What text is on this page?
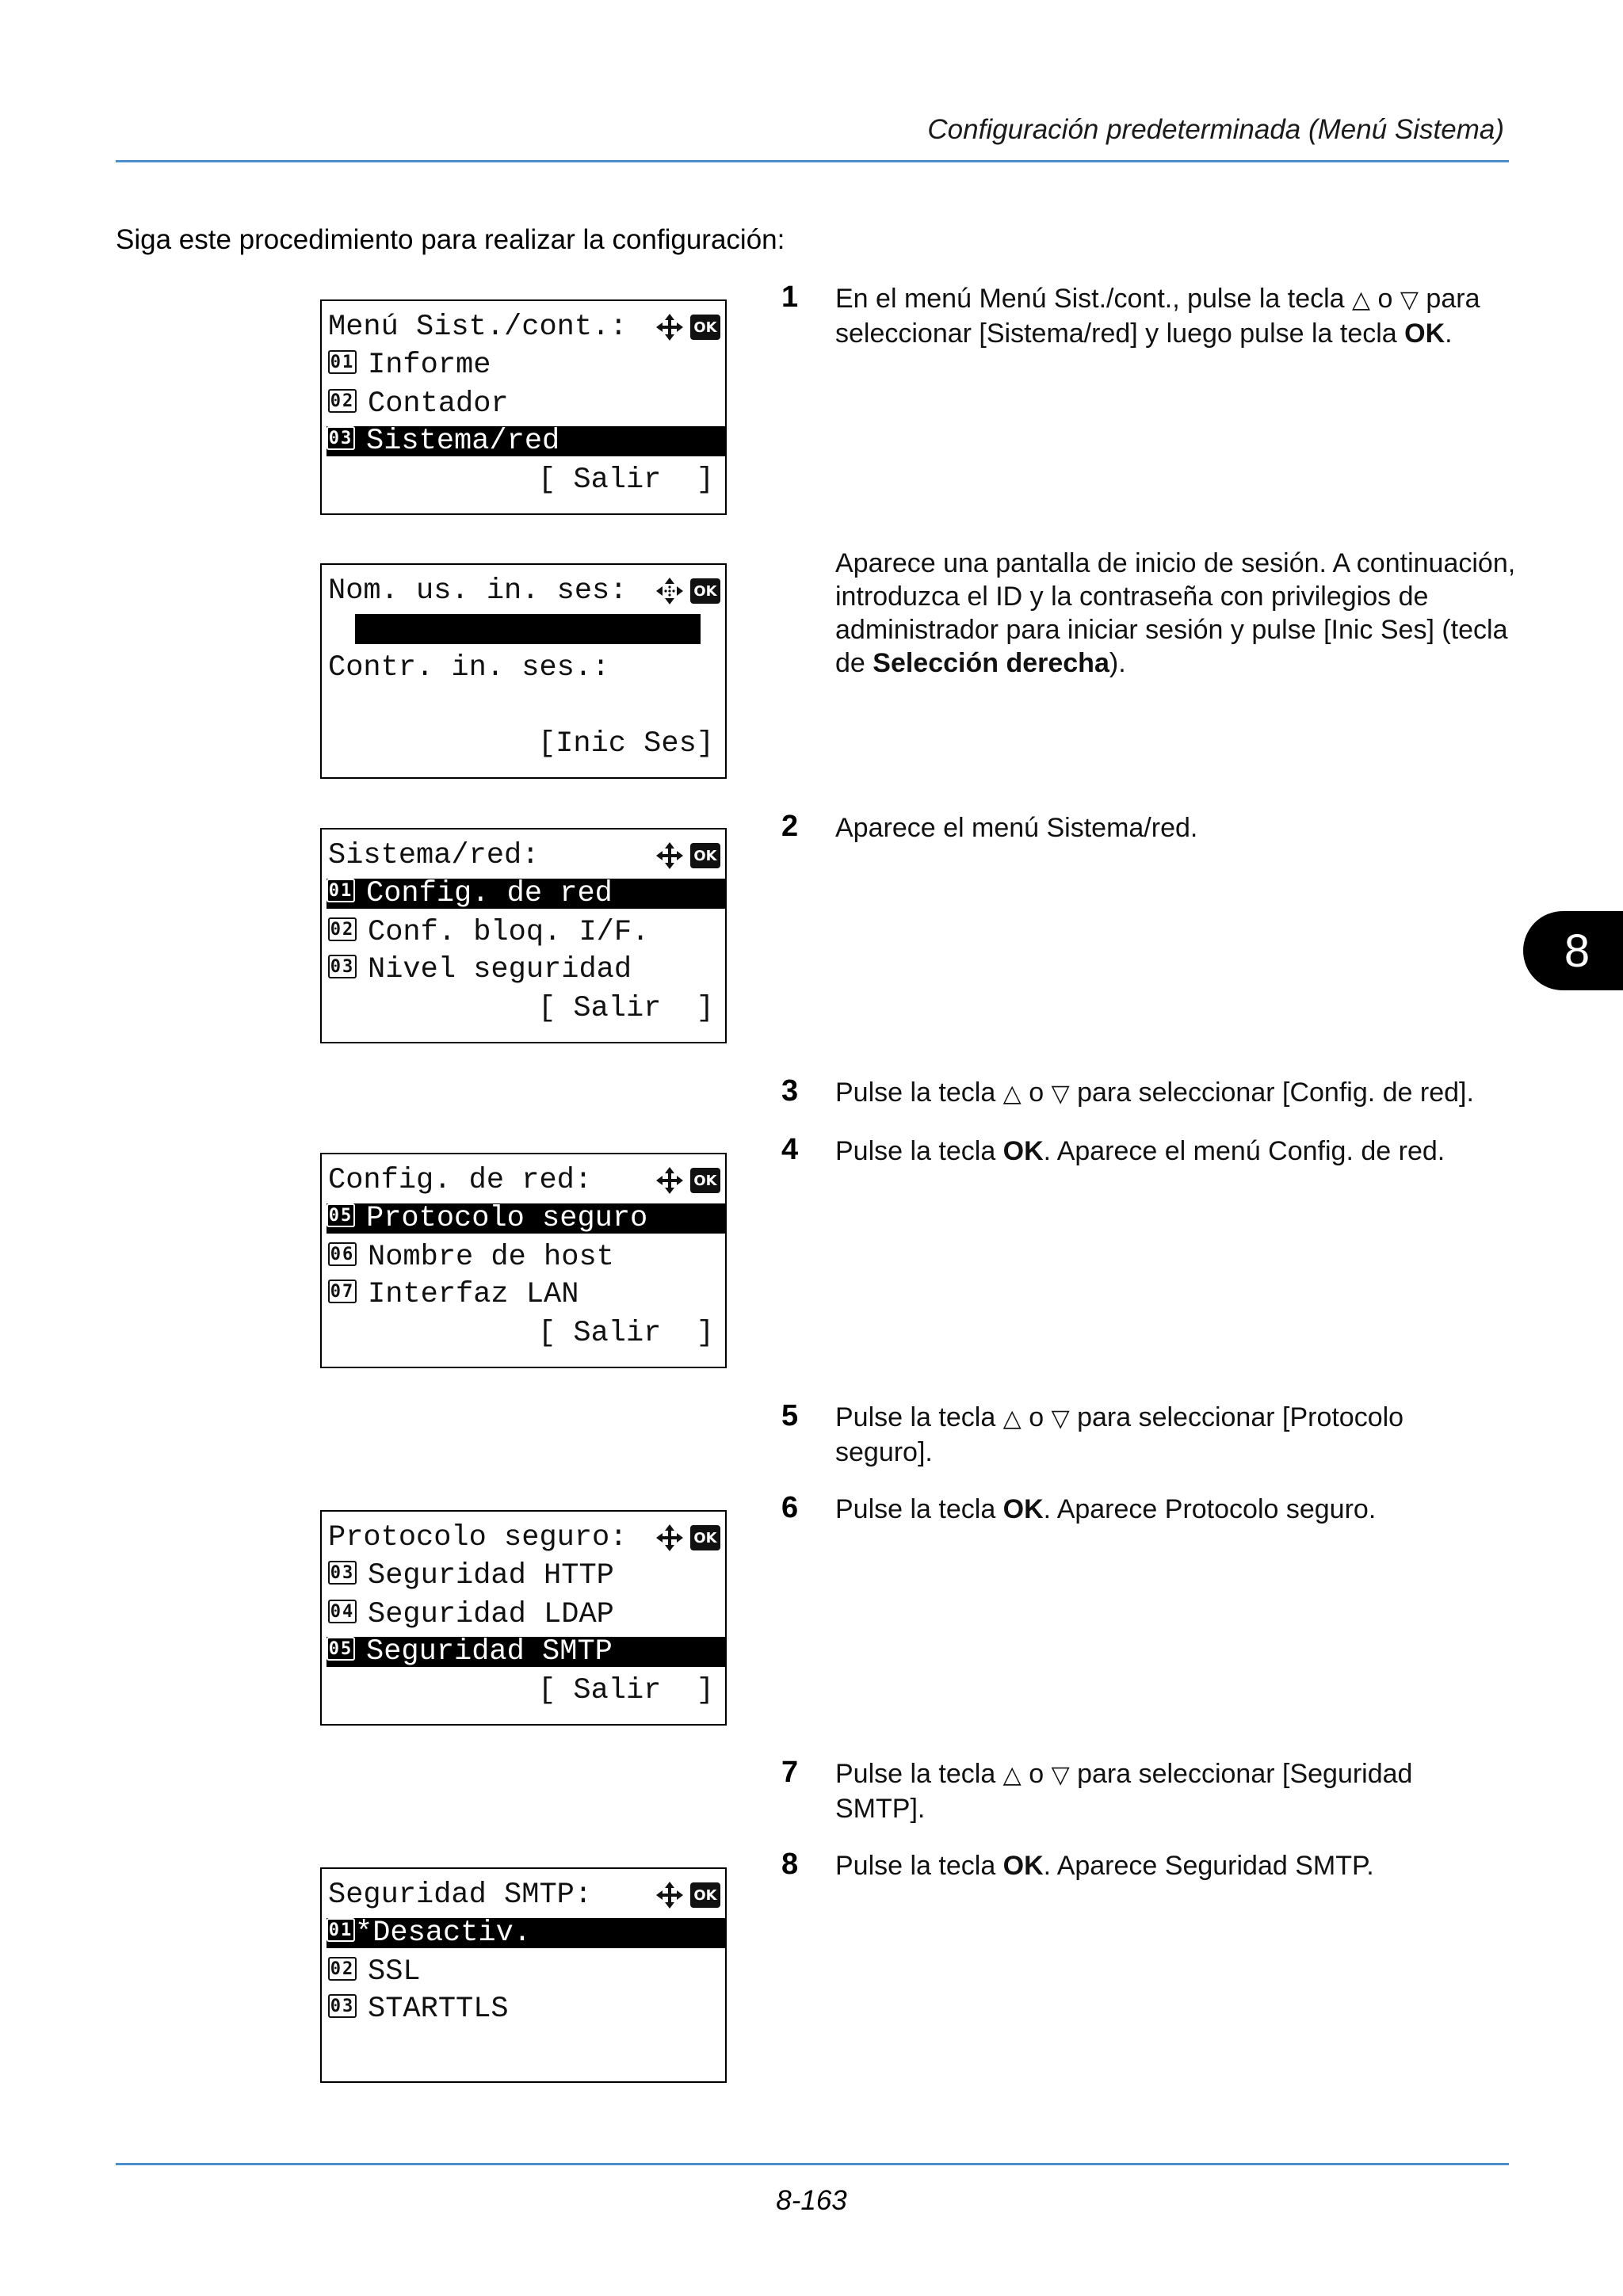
Configuración predeterminada (Menú Sistema)
Siga este procedimiento para realizar la configuración:
Menú Sist./cont.:	OK
01 Informe
02 Contador
03 Sistema/red
[ Salir  ]
Nom. us. in. ses:	OK
Contr. in. ses.:
[Inic Ses]
Sistema/red:	OK
01 Config. de red
02 Conf. bloq. I/F.
03 Nivel seguridad
[ Salir  ]
Config. de red:	OK
05 Protocolo seguro
06 Nombre de host
07 Interfaz LAN
[ Salir  ]
Protocolo seguro:	OK
03 Seguridad HTTP
04 Seguridad LDAP
05 Seguridad SMTP
[ Salir  ]
Seguridad SMTP:	OK
01*Desactiv.
02 SSL
03 STARTTLS
1 En el menú Menú Sist./cont., pulse la tecla △ o ▽ para seleccionar [Sistema/red] y luego pulse la tecla OK.
Aparece una pantalla de inicio de sesión. A continuación, introduzca el ID y la contraseña con privilegios de administrador para iniciar sesión y pulse [Inic Ses] (tecla de Selección derecha).
2 Aparece el menú Sistema/red.
3 Pulse la tecla △ o ▽ para seleccionar [Config. de red].
4 Pulse la tecla OK. Aparece el menú Config. de red.
5 Pulse la tecla △ o ▽ para seleccionar [Protocolo seguro].
6 Pulse la tecla OK. Aparece Protocolo seguro.
7 Pulse la tecla △ o ▽ para seleccionar [Seguridad SMTP].
8 Pulse la tecla OK. Aparece Seguridad SMTP.
8
8-163
